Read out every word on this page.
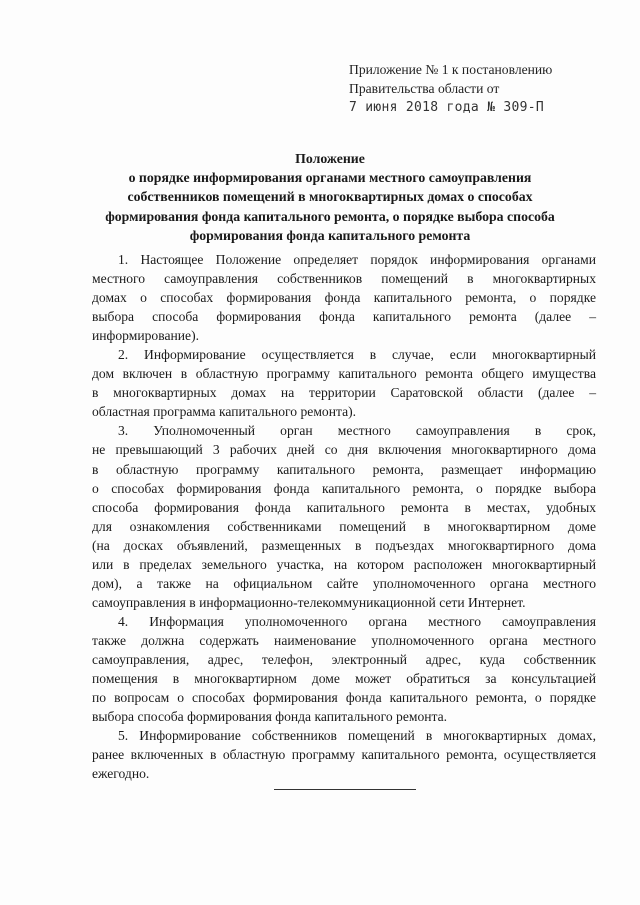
Приложение № 1 к постановлению
Правительства области от
7 июня 2018 года № 309-П
Положение
о порядке информирования органами местного самоуправления
собственников помещений в многоквартирных домах о способах
формирования фонда капитального ремонта, о порядке выбора способа
формирования фонда капитального ремонта
1. Настоящее Положение определяет порядок информирования органами
местного самоуправления собственников помещений в многоквартирных
домах о способах формирования фонда капитального ремонта, о порядке
выбора способа формирования фонда капитального ремонта (далее –
информирование).
2. Информирование осуществляется в случае, если многоквартирный
дом включен в областную программу капитального ремонта общего имущества
в многоквартирных домах на территории Саратовской области (далее –
областная программа капитального ремонта).
3. Уполномоченный орган местного самоуправления в срок,
не превышающий 3 рабочих дней со дня включения многоквартирного дома
в областную программу капитального ремонта, размещает информацию
о способах формирования фонда капитального ремонта, о порядке выбора
способа формирования фонда капитального ремонта в местах, удобных
для ознакомления собственниками помещений в многоквартирном доме
(на досках объявлений, размещенных в подъездах многоквартирного дома
или в пределах земельного участка, на котором расположен многоквартирный
дом), а также на официальном сайте уполномоченного органа местного
самоуправления в информационно-телекоммуникационной сети Интернет.
4. Информация уполномоченного органа местного самоуправления
также должна содержать наименование уполномоченного органа местного
самоуправления, адрес, телефон, электронный адрес, куда собственник
помещения в многоквартирном доме может обратиться за консультацией
по вопросам о способах формирования фонда капитального ремонта, о порядке
выбора способа формирования фонда капитального ремонта.
5. Информирование собственников помещений в многоквартирных домах,
ранее включенных в областную программу капитального ремонта, осуществляется
ежегодно.
